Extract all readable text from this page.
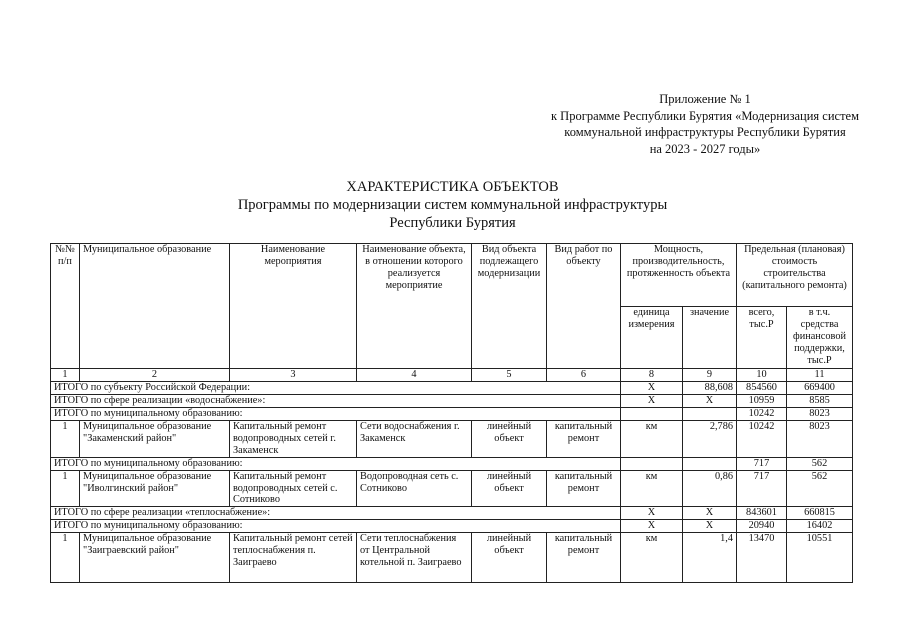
Приложение № 1
к Программе Республики Бурятия «Модернизация систем
коммунальной инфраструктуры Республики Бурятия
на 2023 - 2027 годы»
ХАРАКТЕРИСТИКА ОБЪЕКТОВ
Программы по модернизации систем коммунальной инфраструктуры
Республики Бурятия
№№ п/п	Муниципальное образование	Наименование мероприятия	Наименование объекта, в отношении которого реализуется мероприятие	Вид объекта подлежащего модернизации	Вид работ по объекту	Мощность, производительность, протяженность объекта		Предельная (плановая) стоимость строительства (капитального ремонта)	
						единица измерения	значение	всего, тыс.Р	в т.ч. средства финансовой поддержки, тыс.Р
1	2	3	4	5	6	8	9	10	11
ИТОГО по субъекту Российской Федерации:						X	88,608	854560	669400
ИТОГО по сфере реализации «водоснабжение»:						X	X	10959	8585
ИТОГО по муниципальному образованию:								10242	8023
1	Муниципальное образование "Закаменский район"	Капитальный ремонт водопроводных сетей г. Закаменск	Сети водоснабжения г. Закаменск	линейный объект	капитальный ремонт	км	2,786	10242	8023
ИТОГО по муниципальному образованию:								717	562
1	Муниципальное образование "Иволгинский район"	Капитальный ремонт водопроводных сетей с. Сотниково	Водопроводная сеть с. Сотниково	линейный объект	капитальный ремонт	км	0,86	717	562
ИТОГО по сфере реализации «теплоснабжение»:						X	X	843601	660815
ИТОГО по муниципальному образованию:						X	X	20940	16402
1	Муниципальное образование "Заиграевский район"	Капитальный ремонт сетей теплоснабжения п. Заиграево	Сети теплоснабжения от Центральной котельной п. Заиграево	линейный объект	капитальный ремонт	км	1,4	13470	10551
